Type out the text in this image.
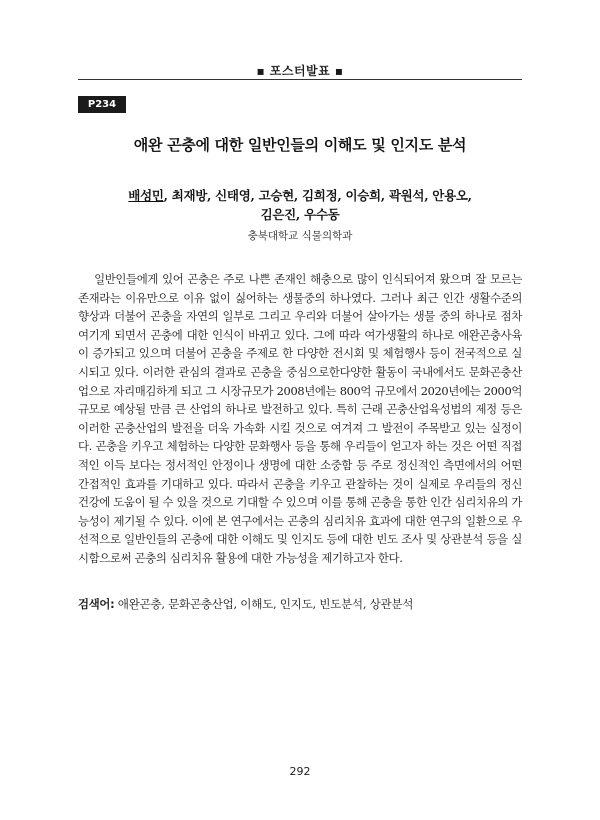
▪ 포스터발표 ▪
P234
애완 곤충에 대한 일반인들의 이해도 및 인지도 분석
배성민, 최재방, 신태영, 고승현, 김희정, 이승희, 곽원석, 안용오,
김은진, 우수동
충북대학교 식물의학과

일반인들에게 있어 곤충은 주로 나쁜 존재인 해충으로 많이 인식되어져 왔으며 잘 모르는 존재라는 이유만으로 이유 없이 싫어하는 생물중의 하나였다. 그러나 최근 인간 생활수준의 향상과 더불어 곤충을 자연의 일부로 그리고 우리와 더불어 살아가는 생물 중의 하나로 점차 여기게 되면서 곤충에 대한 인식이 바뀌고 있다. 그에 따라 여가생활의 하나로 애완곤충사육이 증가되고 있으며 더불어 곤충을 주제로 한 다양한 전시회 및 체험행사 등이 전국적으로 실시되고 있다. 이러한 관심의 결과로 곤충을 중심으로한다양한 활동이 국내에서도 문화곤충산업으로 자리매김하게 되고 그 시장규모가 2008년에는 800억 규모에서 2020년에는 2000억 규모로 예상될 만큼 큰 산업의 하나로 발전하고 있다. 특히 근래 곤충산업육성법의 제정 등은 이러한 곤충산업의 발전을 더욱 가속화 시킬 것으로 여겨져 그 발전이 주목받고 있는 실정이다. 곤충을 키우고 체험하는 다양한 문화행사 등을 통해 우리들이 얻고자 하는 것은 어떤 직접적인 이득 보다는 정서적인 안정이나 생명에 대한 소중함 등 주로 정신적인 측면에서의 어떤 간접적인 효과를 기대하고 있다. 따라서 곤충을 키우고 관찰하는 것이 실제로 우리들의 정신 건강에 도움이 될 수 있을 것으로 기대할 수 있으며 이를 통해 곤충을 통한 인간 심리치유의 가능성이 제기될 수 있다. 이에 본 연구에서는 곤충의 심리치유 효과에 대한 연구의 일환으로 우선적으로 일반인들의 곤충에 대한 이해도 및 인지도 등에 대한 빈도 조사 및 상관분석 등을 실시함으로써 곤충의 심리치유 활용에 대한 가능성을 제기하고자 한다.

검색어: 애완곤충, 문화곤충산업, 이해도, 인지도, 빈도분석, 상관분석
292
